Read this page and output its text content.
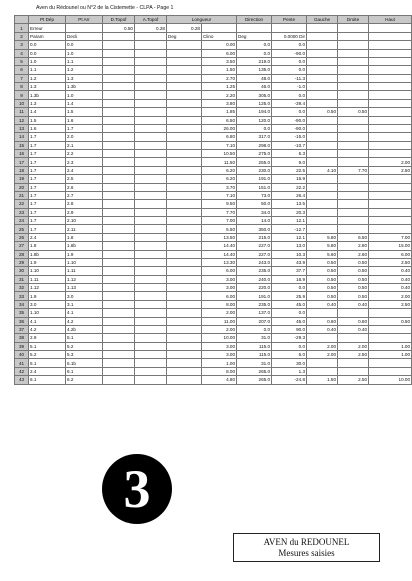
Aven du Rédounel ou N°2 de la Cistemette - CLPA - Page 1
	Pt Dép	Pt Arr	D.Topof	A.Topof	Longueur		Direction	Pente	Gauche	Droite	Haut
1	Erreur		0.50	0.28	0.28						
2	Param	Decli			Deg	Clino	Deg	0.0000 Dir			
3	0.0	0.0				0.00	0.0	0.0			
4	0.0	1.0				6.00	0.0	-90.0			
5	1.0	1.1				3.50	219.0	0.0			
6	1.1	1.2				1.50	135.0	0.0			
7	1.2	1.3				2.70	48.0	-11.3			
8	1.3	1.3b				1.25	46.0	-1.0			
9	1.3b	1.0				2.20	305.0	0.0			
10	1.3	1.4				3.80	125.0	-39.4			
11	1.4	1.5				1.85	194.0	0.0	0.50	0.50	
12	1.5	1.6				6.50	120.0	-90.0			
13	1.6	1.7				26.00	0.0	-90.0			
14	1.7	2.0				6.80	317.0	-15.0			
15	1.7	2.1				7.10	298.0	-10.7			
16	1.7	2.2				10.50	275.0	5.3			
17	1.7	2.3				11.50	255.0	9.0			2.00
18	1.7	2.4				6.20	230.0	22.5	4.10	7.70	2.50
19	1.7	2.5				6.20	191.0	16.9			
20	1.7	2.6				3.70	151.0	22.2			
21	1.7	2.7				7.10	73.0	26.4			
22	1.7	2.8				9.50	50.0	13.5			
23	1.7	2.9				7.70	34.0	20.3			
24	1.7	2.10				7.00	14.0	12.1			
25	1.7	2.11				5.50	350.0	-12.7			
26	2.4	1.8				13.50	215.0	12.1	5.80	6.50	7.00
27	1.8	1.8b				14.40	227.0	13.0	5.80	2.80	15.00
28	1.8b	1.9				14.40	227.0	10.3	5.60	2.60	6.00
29	1.9	1.10				13.30	243.0	43.9	0.50	0.50	2.50
30	1.10	1.11				6.00	235.0	37.7	0.50	0.50	0.40
31	1.11	1.12				3.00	240.0	16.9	0.50	0.50	0.40
32	1.12	1.13				3.00	220.0	0.0	0.50	0.50	0.40
33	1.9	3.0				6.00	191.0	25.9	0.50	0.50	2.00
34	3.0	3.1				8.00	235.0	45.0	0.40	0.40	2.50
35	1.10	4.1				2.00	137.0	0.0			
36	4.1	4.2				11.00	207.0	45.0	0.60	0.60	0.50
37	4.2	4.2b				2.00	0.0	90.0	0.40	0.40	
38	2.9	5.1				10.00	31.0	-29.3			
39	5.1	5.2				3.00	115.0	0.0	2.00	2.00	1.00
40	5.2	5.3				3.00	115.0	5.0	2.00	2.50	1.00
41	5.1	5.1b				1.00	31.0	30.0			
42	2.4	6.1				8.00	265.0	1.3			
43	6.1	6.2				4.80	265.0	-24.8	1.50	2.50	10.00
3
AVEN du REDOUNEL
Mesures saisies
